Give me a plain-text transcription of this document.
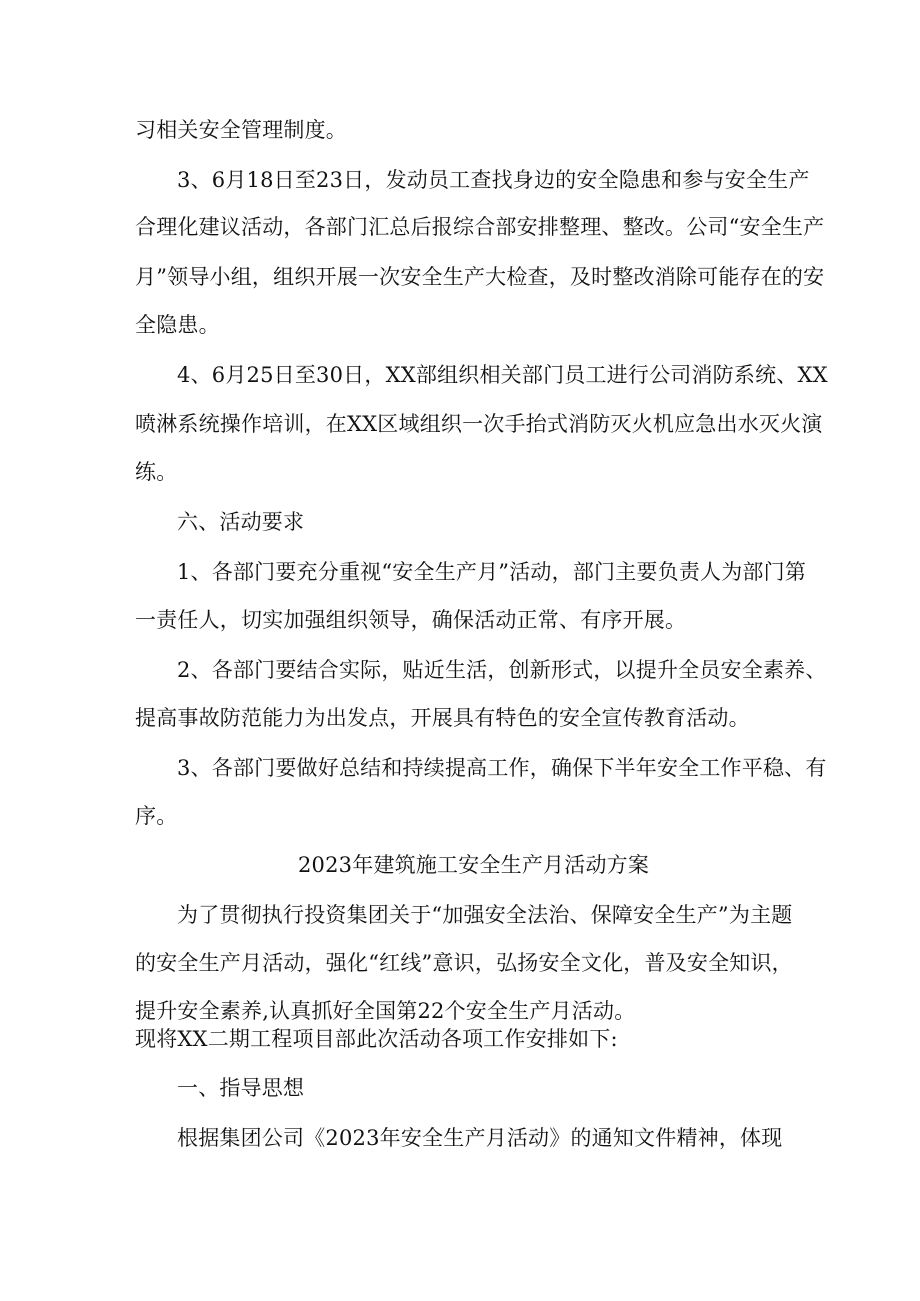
习相关安全管理制度。
3、6月18日至23日，发动员工查找身边的安全隐患和参与安全生产
合理化建议活动，各部门汇总后报综合部安排整理、整改。公司“安全生产
月”领导小组，组织开展一次安全生产大检查，及时整改消除可能存在的安
全隐患。
4、6月25日至30日，XX部组织相关部门员工进行公司消防系统、XX
喷淋系统操作培训，在XX区域组织一次手抬式消防灭火机应急出水灭火演
练。
六、活动要求
1、各部门要充分重视“安全生产月”活动，部门主要负责人为部门第
一责任人，切实加强组织领导，确保活动正常、有序开展。
2、各部门要结合实际，贴近生活，创新形式，以提升全员安全素养、
提高事故防范能力为出发点，开展具有特色的安全宣传教育活动。
3、各部门要做好总结和持续提高工作，确保下半年安全工作平稳、有
序。
2023年建筑施工安全生产月活动方案
为了贯彻执行投资集团关于“加强安全法治、保障安全生产”为主题
的安全生产月活动，强化“红线”意识，弘扬安全文化，普及安全知识，
提升安全素养,认真抓好全国第22个安全生产月活动。
现将XX二期工程项目部此次活动各项工作安排如下:
一、指导思想
根据集团公司《2023年安全生产月活动》的通知文件精神，体现
